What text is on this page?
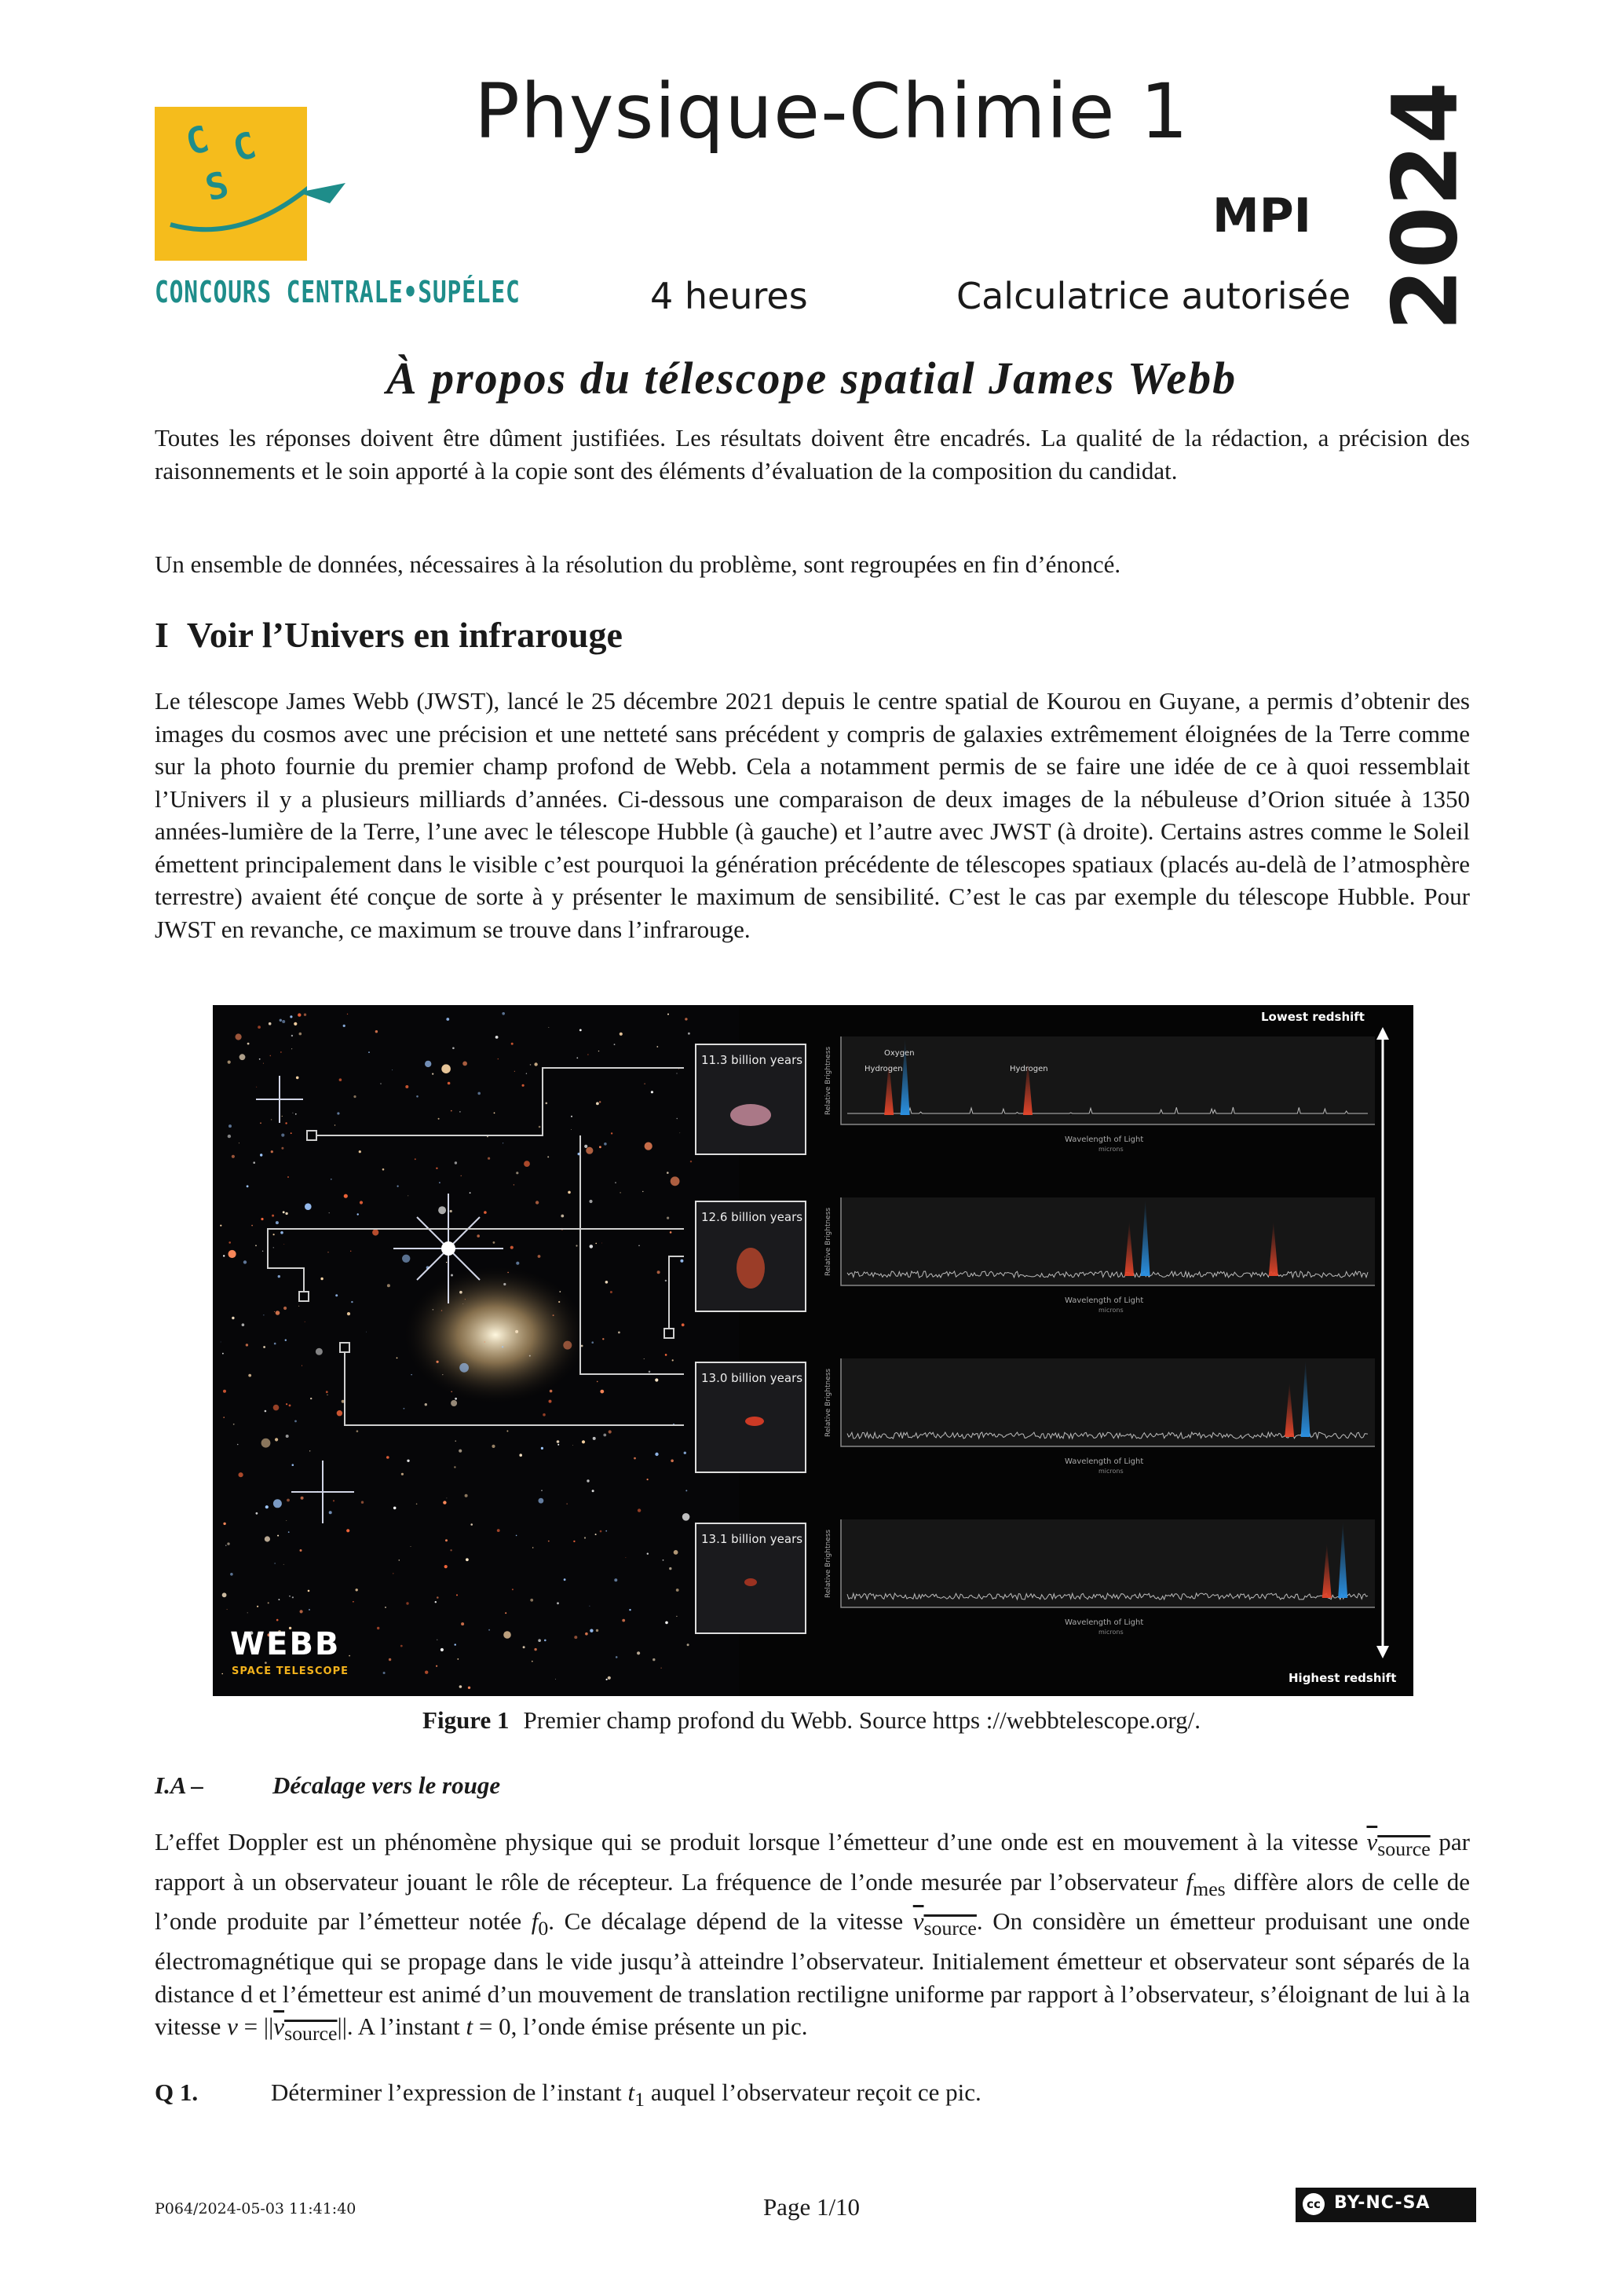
C C
S
CONCOURS CENTRALE•SUPÉLEC
Physique-Chimie 1
MPI
4 heures	Calculatrice autorisée 2024
À propos du télescope spatial James Webb
Toutes les réponses doivent être dûment justifiées. Les résultats doivent être encadrés. La qualité de la rédaction, a précision des raisonnements et le soin apporté à la copie sont des éléments d’évaluation de la composition du candidat.
Un ensemble de données, nécessaires à la résolution du problème, sont regroupées en fin d’énoncé.
I Voir l’Univers en infrarouge
Le télescope James Webb (JWST), lancé le 25 décembre 2021 depuis le centre spatial de Kourou en Guyane, a permis d’obtenir des images du cosmos avec une précision et une netteté sans précédent y compris de galaxies extrêmement éloignées de la Terre comme sur la photo fournie du premier champ profond de Webb. Cela a notamment permis de se faire une idée de ce à quoi ressemblait l’Univers il y a plusieurs milliards d’années. Ci-dessous une comparaison de deux images de la nébuleuse d’Orion située à 1350 années-lumière de la Terre, l’une avec le télescope Hubble (à gauche) et l’autre avec JWST (à droite). Certains astres comme le Soleil émettent principalement dans le visible c’est pourquoi la génération précédente de télescopes spatiaux (placés au-delà de l’atmosphère terrestre) avaient été conçue de sorte à y présenter le maximum de sensibilité. C’est le cas par exemple du télescope Hubble. Pour JWST en revanche, ce maximum se trouve dans l’infrarouge.
11.3 billion years
12.6 billion years
13.0 billion years
13.1 billion years
Wavelength of Light
microns
Relative Brightness
Wavelength of Light
microns
Relative Brightness
Wavelength of Light
microns
Relative Brightness
Wavelength of Light
microns
Relative Brightness
Hydrogen
Oxygen
Hydrogen
Lowest redshift
Highest redshift
WEBB
SPACE TELESCOPE
Figure 1 Premier champ profond du Webb. Source https ://webbtelescope.org/.
I.A –	Décalage vers le rouge
L’effet Doppler est un phénomène physique qui se produit lorsque l’émetteur d’une onde est en mouvement à la vitesse $v_{source}$ par rapport à un observateur jouant le rôle de récepteur. La fréquence de l’onde mesurée par l’observateur $f_{mes}$ diffère alors de celle de l’onde produite par l’émetteur notée $f_0$. Ce décalage dépend de la vitesse $v_{source}$. On considère un émetteur produisant une onde électromagnétique qui se propage dans le vide jusqu’à atteindre l’observateur. Initialement émetteur et observateur sont séparés de la distance d et l’émetteur est animé d’un mouvement de translation rectiligne uniforme par rapport à l’observateur, s’éloignant de lui à la vitesse $v = ||v_{source}||$. A l’instant t = 0, l’onde émise présente un pic.
Q 1.	Déterminer l’expression de l’instant $t_1$ auquel l’observateur reçoit ce pic.
P064/2024-05-03 11:41:40	Page 1/10	cc BY-NC-SA
